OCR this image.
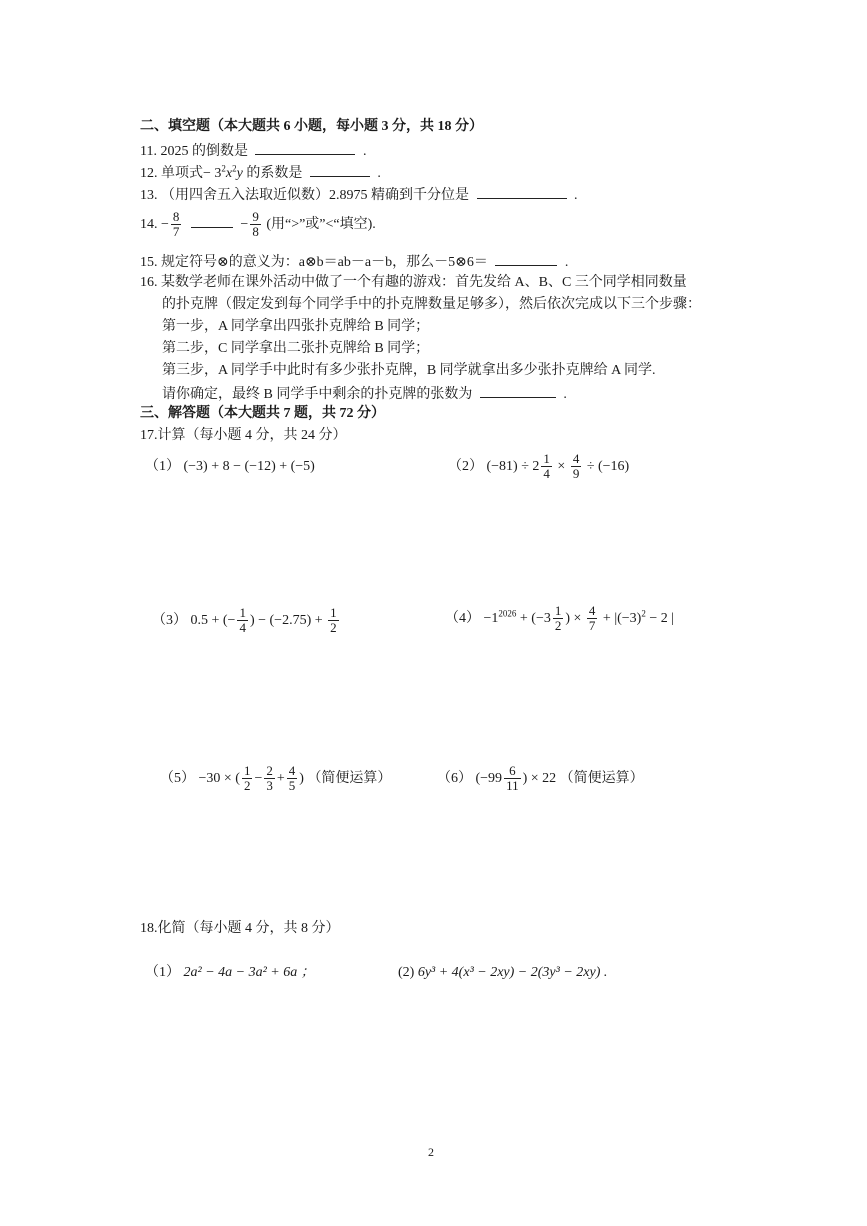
二、填空题（本大题共 6 小题，每小题 3 分，共 18 分）
11. 2025 的倒数是	.
12. 单项式− $3^2x^2y$ 的系数是	.
13. （用四舍五入法取近似数）2.8975 精确到千分位是	.
14. − $\frac{8}{7}$	− $\frac{9}{8}$ (用“>”或”<“填空).
15. 规定符号⊗的意义为：a⊗b＝ab－a－b，那么－5⊗6＝	.
16. 某数学老师在课外活动中做了一个有趣的游戏：首先发给 A、B、C 三个同学相同数量
的扑克牌（假定发到每个同学手中的扑克牌数量足够多），然后依次完成以下三个步骤：
第一步，A 同学拿出四张扑克牌给 B 同学；
第二步，C 同学拿出二张扑克牌给 B 同学；
第三步，A 同学手中此时有多少张扑克牌，B 同学就拿出多少张扑克牌给 A 同学.
请你确定，最终 B 同学手中剩余的扑克牌的张数为	.
三、解答题（本大题共 7 题，共 72 分）
17.计算（每小题 4 分，共 24 分）
（1） (−3) + 8 − (−12) + (−5)	（2） $(-81) \div 2 \frac{1}{4} \times \frac{4}{9} \div (-16)$
（3） 0.5 + (− $\frac{1}{4}$ ) − $(-2.75) + \frac{1}{2}$	$(4) -1^{2026} + (-3 \frac{1}{2}$ ) × $\frac{4}{7} + |(-3)^2 - 2$ |
（5） −30 × ( $\frac{1}{2} - \frac{2}{3} + \frac{4}{5}$ ) （简便运算）	（6） ($-99 \frac{6}{11}$ ) × 22 （简便运算）
18.化简（每小题 4 分，共 8 分）
（1） 2a² − 4a − 3a² + 6a ；	(2) 6y³ + 4(x³ − 2xy) − 2(3y³ − 2xy) .
2
